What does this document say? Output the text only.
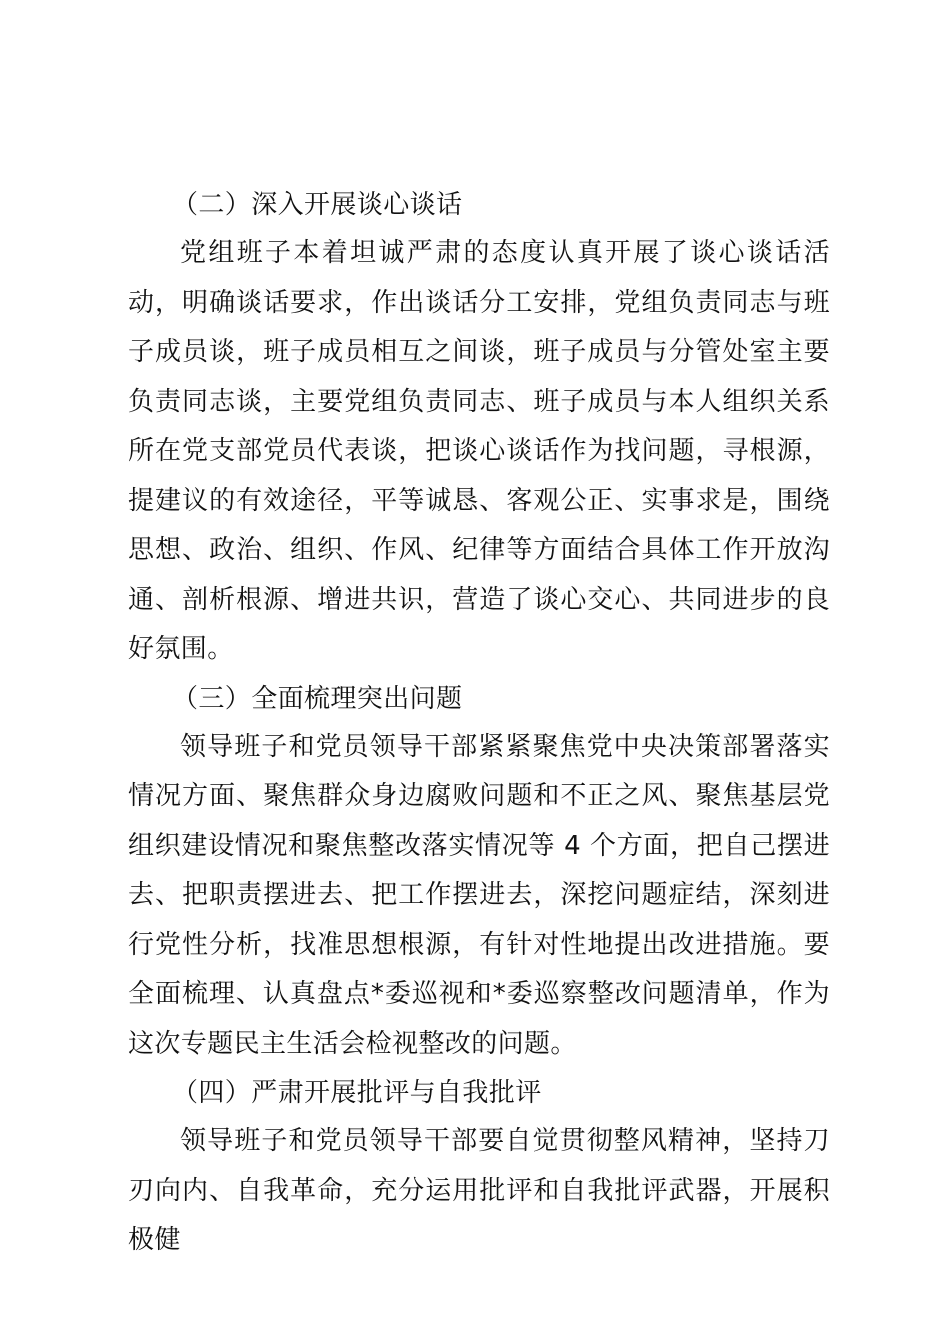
（二）深入开展谈心谈话

党组班子本着坦诚严肃的态度认真开展了谈心谈话活动，明确谈话要求，作出谈话分工安排，党组负责同志与班子成员谈，班子成员相互之间谈，班子成员与分管处室主要负责同志谈，主要党组负责同志、班子成员与本人组织关系所在党支部党员代表谈，把谈心谈话作为找问题，寻根源，提建议的有效途径，平等诚恳、客观公正、实事求是，围绕思想、政治、组织、作风、纪律等方面结合具体工作开放沟通、剖析根源、增进共识，营造了谈心交心、共同进步的良好氛围。

（三）全面梳理突出问题

领导班子和党员领导干部紧紧聚焦党中央决策部署落实情况方面、聚焦群众身边腐败问题和不正之风、聚焦基层党组织建设情况和聚焦整改落实情况等 4 个方面，把自己摆进去、把职责摆进去、把工作摆进去，深挖问题症结，深刻进行党性分析，找准思想根源，有针对性地提出改进措施。要全面梳理、认真盘点*委巡视和*委巡察整改问题清单，作为这次专题民主生活会检视整改的问题。

（四）严肃开展批评与自我批评

领导班子和党员领导干部要自觉贯彻整风精神，坚持刀刃向内、自我革命，充分运用批评和自我批评武器，开展积极健
